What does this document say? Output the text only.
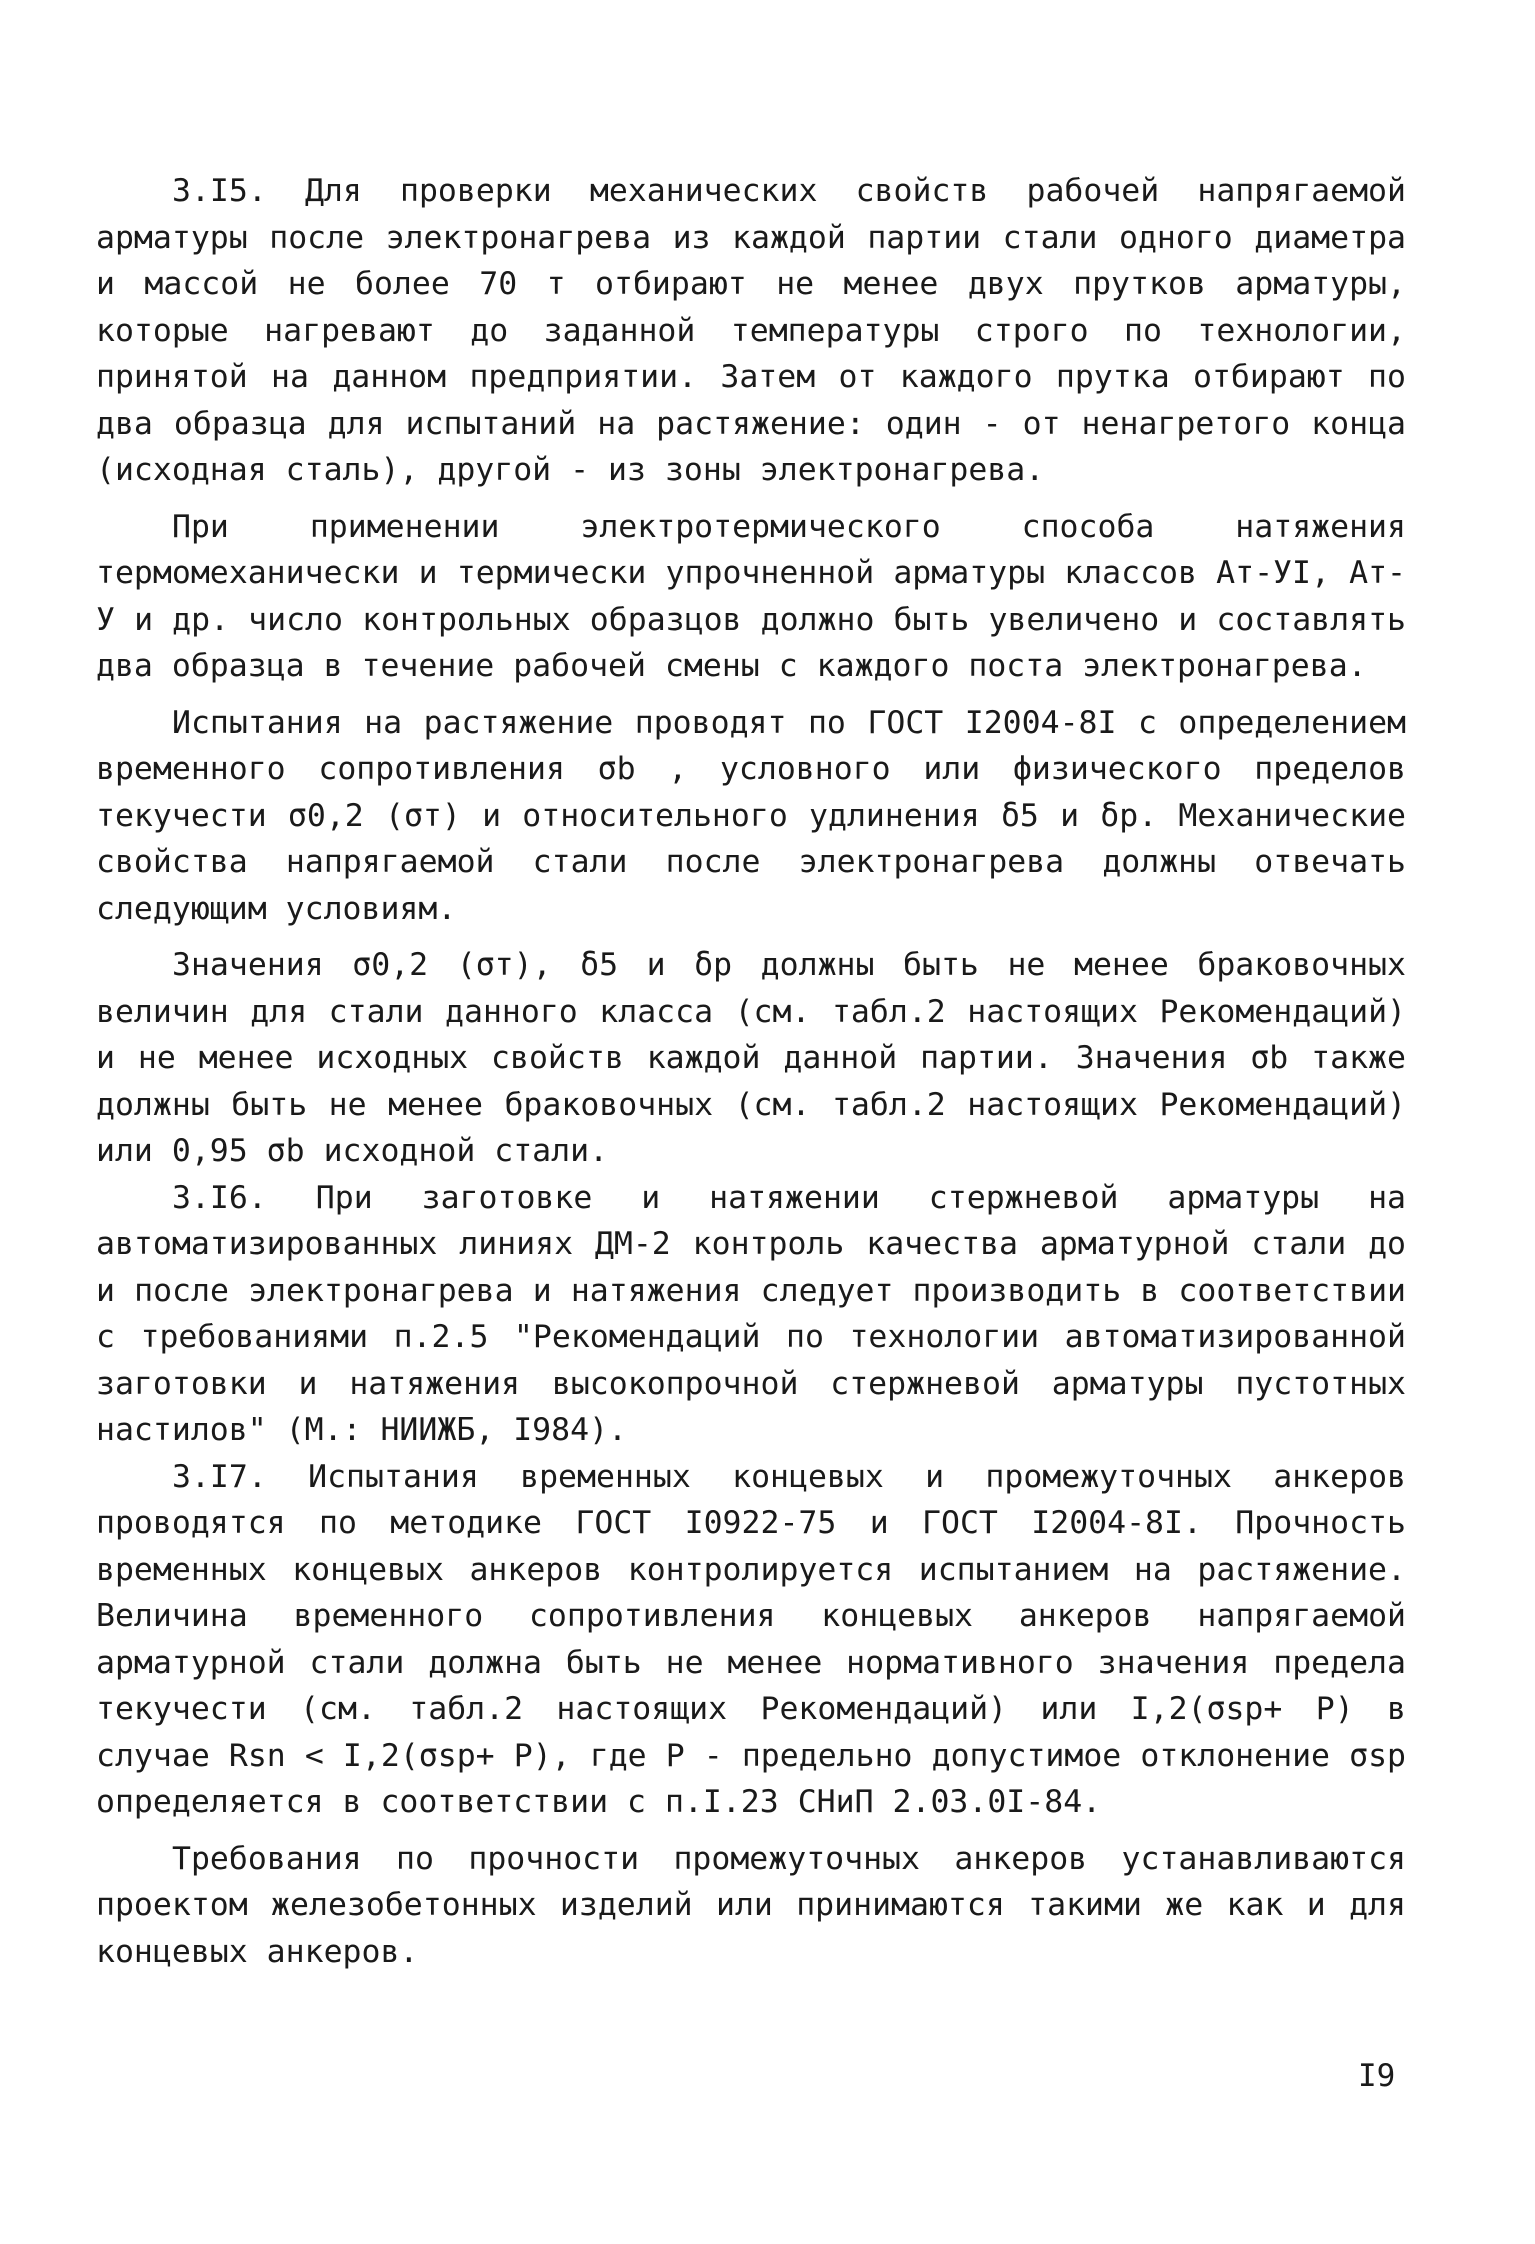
3.I5. Для проверки механических свойств рабочей напрягаемой арматуры после электронагрева из каждой партии стали одного диаметра и массой не более 70 т отбирают не менее двух прутков арматуры, которые нагревают до заданной температуры строго по технологии, принятой на данном предприятии. Затем от каждого прутка отбирают по два образца для испытаний на растяжение: один - от ненагретого конца (исходная сталь), другой - из зоны электронагрева.

При применении электротермического способа натяжения термомеханически и термически упрочненной арматуры классов Ат-УI, Ат-У и др. число контрольных образцов должно быть увеличено и составлять два образца в течение рабочей смены с каждого поста электронагрева.

Испытания на растяжение проводят по ГОСТ I2004-8I с определением временного сопротивления σb , условного или физического пределов текучести σ0,2 (σт) и относительного удлинения δ5 и δp. Механические свойства напрягаемой стали после электронагрева должны отвечать следующим условиям.

Значения σ0,2 (σт), δ5 и δp должны быть не менее браковочных величин для стали данного класса (см. табл.2 настоящих Рекомендаций) и не менее исходных свойств каждой данной партии. Значения σb также должны быть не менее браковочных (см. табл.2 настоящих Рекомендаций) или 0,95 σb исходной стали.

3.I6. При заготовке и натяжении стержневой арматуры на автоматизированных линиях ДМ-2 контроль качества арматурной стали до и после электронагрева и натяжения следует производить в соответствии с требованиями п.2.5 "Рекомендаций по технологии автоматизированной заготовки и натяжения высокопрочной стержневой арматуры пустотных настилов" (М.: НИИЖБ, I984).

3.I7. Испытания временных концевых и промежуточных анкеров проводятся по методике ГОСТ I0922-75 и ГОСТ I2004-8I. Прочность временных концевых анкеров контролируется испытанием на растяжение. Величина временного сопротивления концевых анкеров напрягаемой арматурной стали должна быть не менее нормативного значения предела текучести (см. табл.2 настоящих Рекомендаций) или I,2(σsp+ Р) в случае Rsn < I,2(σsp+ Р), где Р - предельно допустимое отклонение σsp определяется в соответствии с п.I.23 СНиП 2.03.0I-84.

Требования по прочности промежуточных анкеров устанавливаются проектом железобетонных изделий или принимаются такими же как и для концевых анкеров.

I9
